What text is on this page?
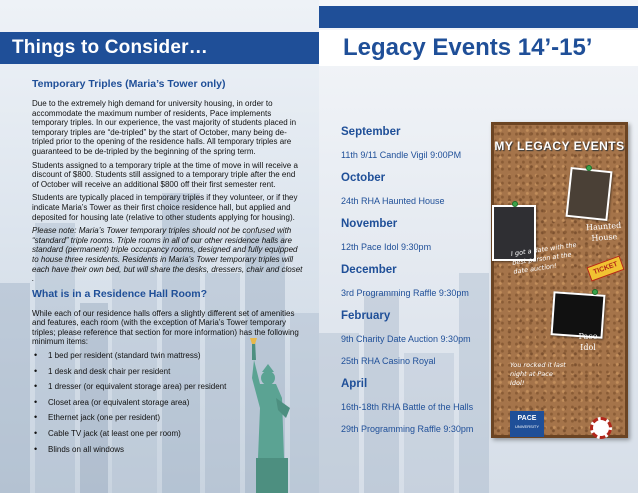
Things to Consider…
Temporary Triples (Maria’s Tower only)

Due to the extremely high demand for university housing, in order to accommodate the maximum number of residents, Pace implements temporary triples. In our experience, the vast majority of students placed in temporary triples are “de-tripled” by the start of October, many being de-tripled prior to the opening of the residence halls. All temporary triples are guaranteed to be de-tripled by the beginning of the spring term.

Students assigned to a temporary triple at the time of move in will receive a discount of $800. Students still assigned to a temporary triple after the end of October will receive an additional $800 off their first semester rent.

Students are typically placed in temporary triples if they volunteer, or if they indicate Maria’s Tower as their first choice residence hall, but applied and deposited for housing late (relative to other students applying for housing).

Please note: Maria’s Tower temporary triples should not be confused with “standard” triple rooms. Triple rooms in all of our other residence halls are standard (permanent) triple occupancy rooms, designed and fully equipped to house three residents. Residents in Maria’s Tower temporary triples will each have their own bed, but will share the desks, dressers, chair and closet .

What is in a Residence Hall Room?

While each of our residence halls offers a slightly different set of amenities and features, each room (with the exception of Maria’s Tower temporary triples; please reference that section for more information) has the following minimum items:

• 1 bed per resident (standard twin mattress)
• 1 desk and desk chair per resident
• 1 dresser (or equivalent storage area) per resident
• Closet area (or equivalent storage area)
• Ethernet jack (one per resident)
• Cable TV jack (at least one per room)
• Blinds on all windows
Legacy Events 14’-15’
September
11th 9/11 Candle Vigil 9:00PM
October
24th RHA Haunted House
November
12th Pace Idol 9:30pm
December
3rd Programming Raffle 9:30pm
February
9th Charity Date Auction 9:30pm
25th RHA Casino Royal
April
16th-18th RHA Battle of the Halls
29th Programming Raffle 9:30pm
MY LEGACY EVENTS
Haunted House
I got a date with the best person at the date auction!	TICKET
Pace Idol
You rocked it last night at Pace Idol!
PACE
UNIVERSITY
